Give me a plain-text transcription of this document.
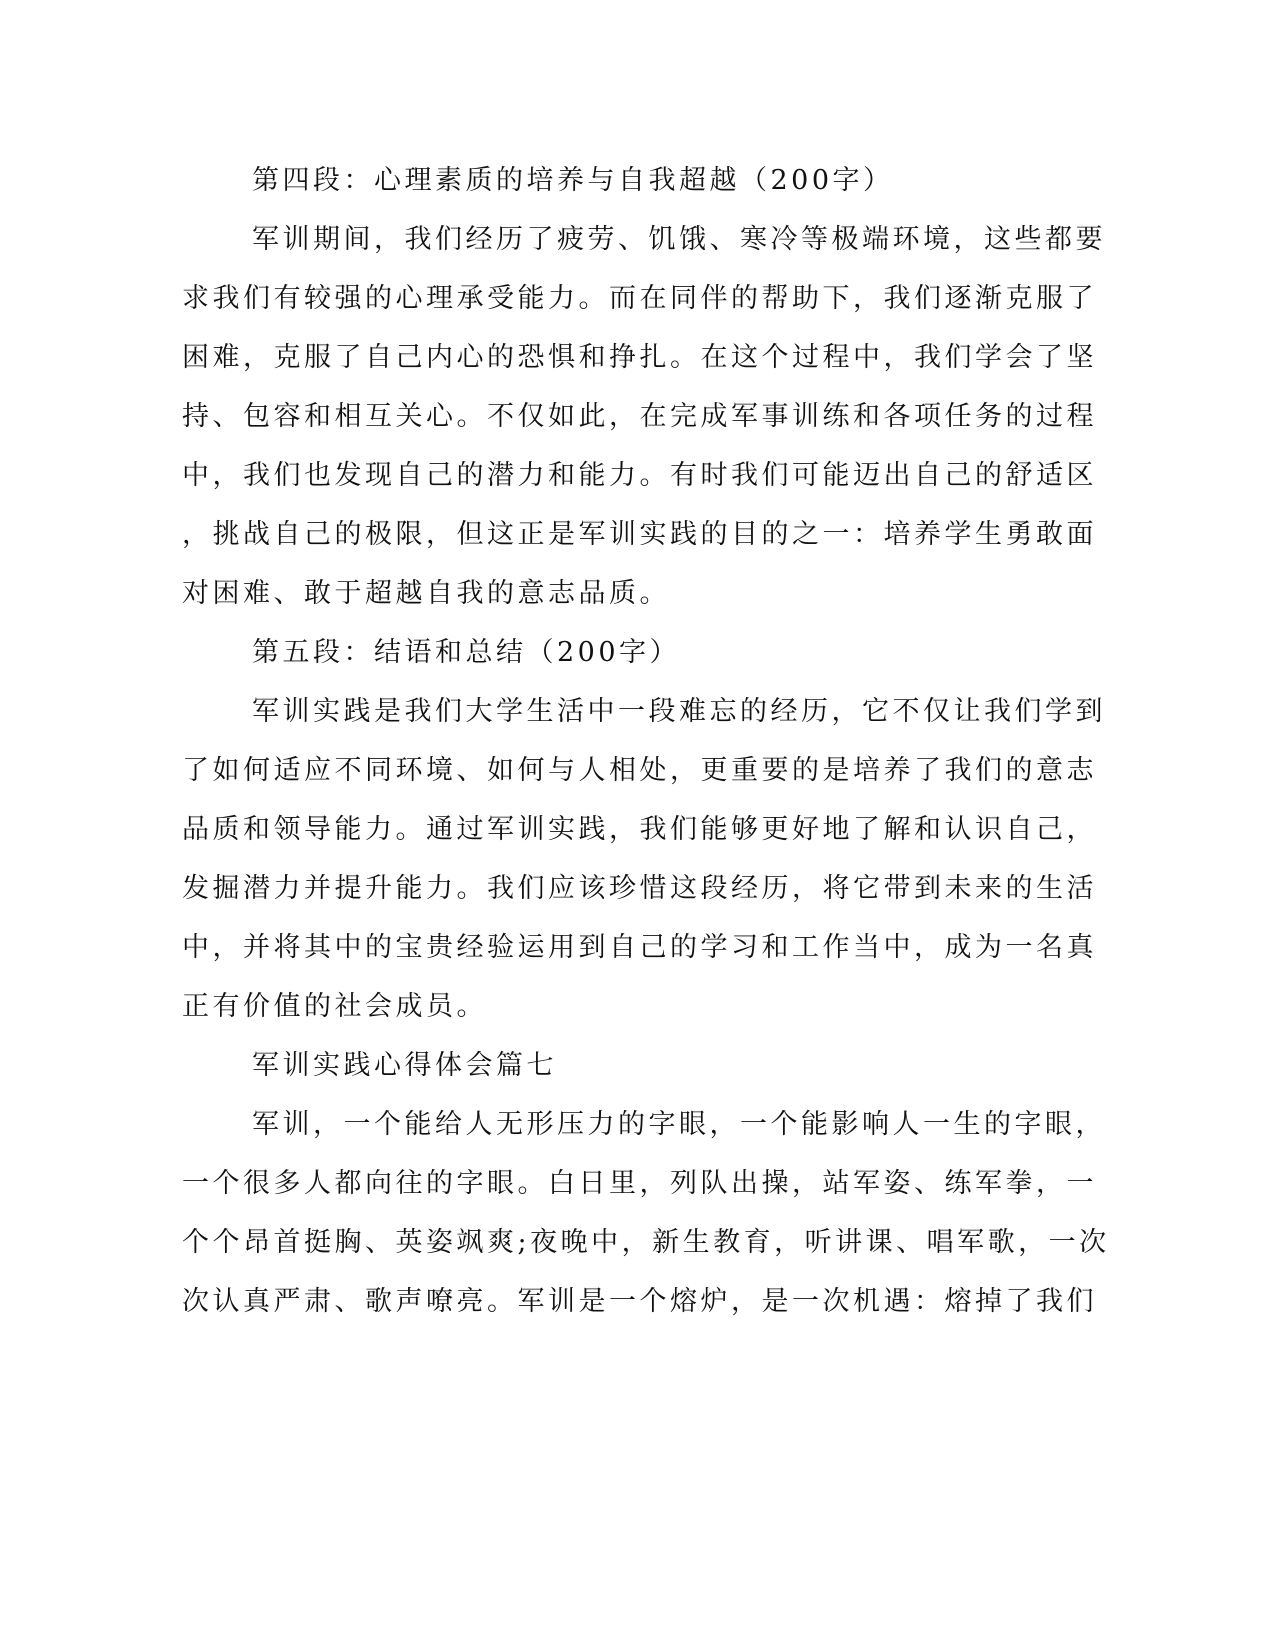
第四段：心理素质的培养与自我超越（200字）

军训期间，我们经历了疲劳、饥饿、寒冷等极端环境，这些都要

求我们有较强的心理承受能力。而在同伴的帮助下，我们逐渐克服了

困难，克服了自己内心的恐惧和挣扎。在这个过程中，我们学会了坚

持、包容和相互关心。不仅如此，在完成军事训练和各项任务的过程

中，我们也发现自己的潜力和能力。有时我们可能迈出自己的舒适区

，挑战自己的极限，但这正是军训实践的目的之一：培养学生勇敢面

对困难、敢于超越自我的意志品质。

第五段：结语和总结（200字）

军训实践是我们大学生活中一段难忘的经历，它不仅让我们学到

了如何适应不同环境、如何与人相处，更重要的是培养了我们的意志

品质和领导能力。通过军训实践，我们能够更好地了解和认识自己，

发掘潜力并提升能力。我们应该珍惜这段经历，将它带到未来的生活

中，并将其中的宝贵经验运用到自己的学习和工作当中，成为一名真

正有价值的社会成员。

军训实践心得体会篇七

军训，一个能给人无形压力的字眼，一个能影响人一生的字眼，

一个很多人都向往的字眼。白日里，列队出操，站军姿、练军拳，一

个个昂首挺胸、英姿飒爽;夜晚中，新生教育，听讲课、唱军歌，一次

次认真严肃、歌声嘹亮。军训是一个熔炉，是一次机遇：熔掉了我们
